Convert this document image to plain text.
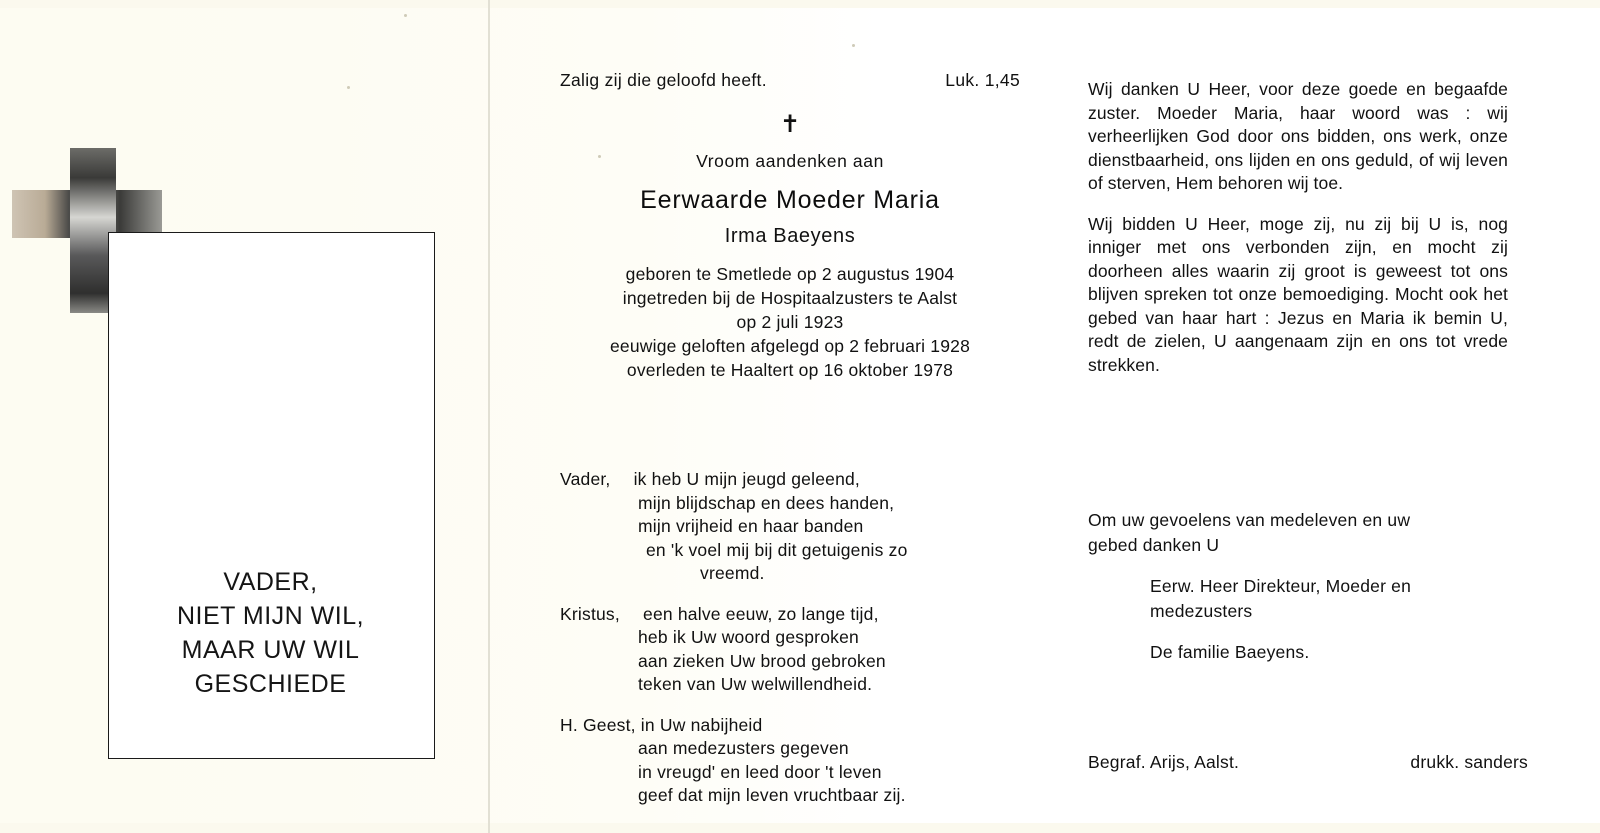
VADER,
NIET MIJN WIL,
MAAR UW WIL
GESCHIEDE
Luk. 1,45
Zalig zij die geloofd heeft.
✝
Vroom aandenken aan
Eerwaarde Moeder Maria
Irma Baeyens
geboren te Smetlede op 2 augustus 1904
ingetreden bij de Hospitaalzusters te Aalst
op 2 juli 1923
eeuwige geloften afgelegd op 2 februari 1928
overleden te Haaltert op 16 oktober 1978
Vader, ik heb U mijn jeugd geleend,
mijn blijdschap en dees handen,
mijn vrijheid en haar banden
en 'k voel mij bij dit getuigenis zo
vreemd.
Kristus, een halve eeuw, zo lange tijd,
heb ik Uw woord gesproken
aan zieken Uw brood gebroken
teken van Uw welwillendheid.
H. Geest, in Uw nabijheid
aan medezusters gegeven
in vreugd' en leed door 't leven
geef dat mijn leven vruchtbaar zij.

Wij danken U Heer, voor deze goede en begaafde zuster. Moeder Maria, haar woord was : wij verheerlijken God door ons bidden, ons werk, onze dienstbaarheid, ons lijden en ons geduld, of wij leven of sterven, Hem behoren wij toe.

Wij bidden U Heer, moge zij, nu zij bij U is, nog inniger met ons verbonden zijn, en mocht zij doorheen alles waarin zij groot is geweest tot ons blijven spreken tot onze bemoediging. Mocht ook het gebed van haar hart : Jezus en Maria ik bemin U, redt de zielen, U aangenaam zijn en ons tot vrede strekken.

Om uw gevoelens van medeleven en uw
gebed danken U
Eerw. Heer Direkteur, Moeder en
medezusters
De familie Baeyens.
Begraf. Arijs, Aalst.	drukk. sanders
